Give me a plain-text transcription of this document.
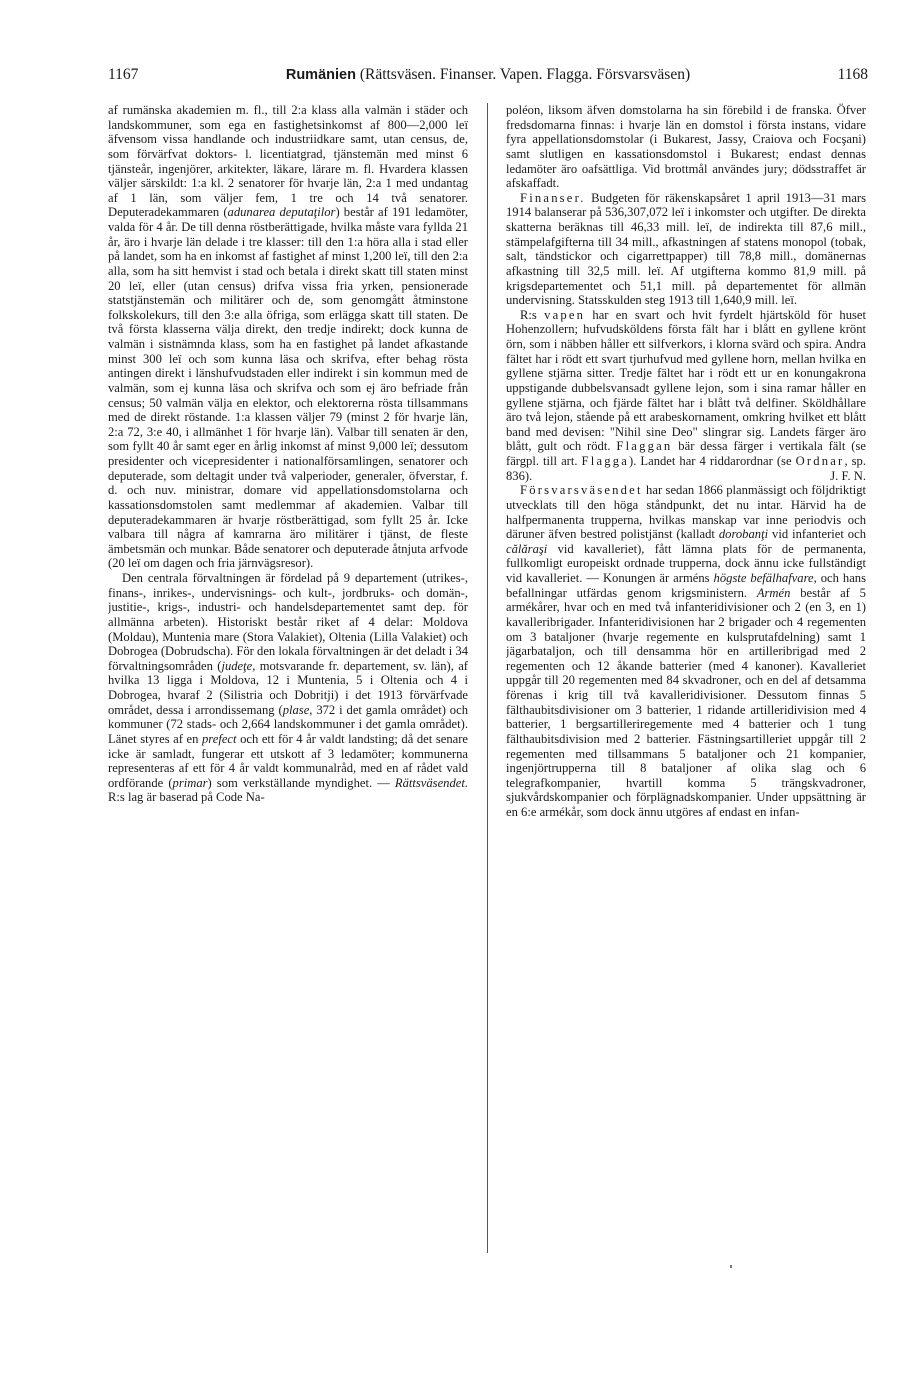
1167	Rumänien (Rättsväsen. Finanser. Vapen. Flagga. Försvarsväsen)	1168

af rumänska akademien m. fl., till 2:a klass alla valmän i städer och landskommuner, som ega en fastighetsinkomst af 800—2,000 leï äfvensom vissa handlande och industriidkare samt, utan census, de, som förvärfvat doktors- l. licentiatgrad, tjänstemän med minst 6 tjänsteår, ingenjörer, arkitekter, läkare, lärare m. fl. Hvardera klassen väljer särskildt: 1:a kl. 2 senatorer för hvarje län, 2:a 1 med undantag af 1 län, som väljer fem, 1 tre och 14 två senatorer. Deputeradekammaren (adunarea deputaţilor) består af 191 ledamöter, valda för 4 år. De till denna röstberättigade, hvilka måste vara fyllda 21 år, äro i hvarje län delade i tre klasser: till den 1:a höra alla i stad eller på landet, som ha en inkomst af fastighet af minst 1,200 leï, till den 2:a alla, som ha sitt hemvist i stad och betala i direkt skatt till staten minst 20 leï, eller (utan census) drifva vissa fria yrken, pensionerade statstjänstemän och militärer och de, som genomgått åtminstone folkskolekurs, till den 3:e alla öfriga, som erlägga skatt till staten. De två första klasserna välja direkt, den tredje indirekt; dock kunna de valmän i sistnämnda klass, som ha en fastighet på landet afkastande minst 300 leï och som kunna läsa och skrifva, efter behag rösta antingen direkt i länshufvudstaden eller indirekt i sin kommun med de valmän, som ej kunna läsa och skrifva och som ej äro befriade från census; 50 valmän välja en elektor, och elektorerna rösta tillsammans med de direkt röstande. 1:a klassen väljer 79 (minst 2 för hvarje län, 2:a 72, 3:e 40, i allmänhet 1 för hvarje län). Valbar till senaten är den, som fyllt 40 år samt eger en årlig inkomst af minst 9,000 leï; dessutom presidenter och vicepresidenter i nationalförsamlingen, senatorer och deputerade, som deltagit under två valperioder, generaler, öfverstar, f. d. och nuv. ministrar, domare vid appellationsdomstolarna och kassationsdomstolen samt medlemmar af akademien. Valbar till deputeradekammaren är hvarje röstberättigad, som fyllt 25 år. Icke valbara till några af kamrarna äro militärer i tjänst, de fleste ämbetsmän och munkar. Både senatorer och deputerade åtnjuta arfvode (20 leï om dagen och fria järnvägsresor).

Den centrala förvaltningen är fördelad på 9 departement (utrikes-, finans-, inrikes-, undervisnings- och kult-, jordbruks- och domän-, justitie-, krigs-, industri- och handelsdepartementet samt dep. för allmänna arbeten). Historiskt består riket af 4 delar: Moldova (Moldau), Muntenia mare (Stora Valakiet), Oltenia (Lilla Valakiet) och Dobrogea (Dobrudscha). För den lokala förvaltningen är det deladt i 34 förvaltningsområden (judeţe, motsvarande fr. departement, sv. län), af hvilka 13 ligga i Moldova, 12 i Muntenia, 5 i Oltenia och 4 i Dobrogea, hvaraf 2 (Silistria och Dobritji) i det 1913 förvärfvade området, dessa i arrondissemang (plase, 372 i det gamla området) och kommuner (72 stads- och 2,664 landskommuner i det gamla området). Länet styres af en prefect och ett för 4 år valdt landsting; då det senare icke är samladt, fungerar ett utskott af 3 ledamöter; kommunerna representeras af ett för 4 år valdt kommunalråd, med en af rådet vald ordförande (primar) som verkställande myndighet. — Rättsväsendet. R:s lag är baserad på Code Na-

poléon, liksom äfven domstolarna ha sin förebild i de franska. Öfver fredsdomarna finnas: i hvarje län en domstol i första instans, vidare fyra appellationsdomstolar (i Bukarest, Jassy, Craiova och Focşani) samt slutligen en kassationsdomstol i Bukarest; endast dennas ledamöter äro oafsättliga. Vid brottmål användes jury; dödsstraffet är afskaffadt.

Finanser. Budgeten för räkenskapsåret 1 april 1913—31 mars 1914 balanserar på 536,307,072 leï i inkomster och utgifter. De direkta skatterna beräknas till 46,33 mill. leï, de indirekta till 87,6 mill., stämpelafgifterna till 34 mill., afkastningen af statens monopol (tobak, salt, tändstickor och cigarrettpapper) till 78,8 mill., domänernas afkastning till 32,5 mill. leï. Af utgifterna kommo 81,9 mill. på krigsdepartementet och 51,1 mill. på departementet för allmän undervisning. Statsskulden steg 1913 till 1,640,9 mill. leï.

R:s vapen har en svart och hvit fyrdelt hjärtsköld för huset Hohenzollern; hufvudsköldens första fält har i blått en gyllene krönt örn, som i näbben håller ett silfverkors, i klorna svärd och spira. Andra fältet har i rödt ett svart tjurhufvud med gyllene horn, mellan hvilka en gyllene stjärna sitter. Tredje fältet har i rödt ett ur en konungakrona uppstigande dubbelsvansadt gyllene lejon, som i sina ramar håller en gyllene stjärna, och fjärde fältet har i blått två delfiner. Sköldhållare äro två lejon, stående på ett arabeskornament, omkring hvilket ett blått band med devisen: "Nihil sine Deo" slingrar sig. Landets färger äro blått, gult och rödt. Flaggan bär dessa färger i vertikala fält (se färgpl. till art. Flagga). Landet har 4 riddarordnar (se Ordnar, sp. 836).	J. F. N.

Försvarsväsendet har sedan 1866 planmässigt och följdriktigt utvecklats till den höga ståndpunkt, det nu intar. Härvid ha de halfpermanenta trupperna, hvilkas manskap var inne periodvis och däruner äfven bestred polistjänst (kalladt dorobanţi vid infanteriet och călăraşi vid kavalleriet), fått lämna plats för de permanenta, fullkomligt europeiskt ordnade trupperna, dock ännu icke fullständigt vid kavalleriet. — Konungen är arméns högste befälhafvare, och hans befallningar utfärdas genom krigsministern. Armén består af 5 armékårer, hvar och en med två infanteridivisioner och 2 (en 3, en 1) kavalleribrigader. Infanteridivisionen har 2 brigader och 4 regementen om 3 bataljoner (hvarje regemente en kulsprutafdelning) samt 1 jägarbataljon, och till densamma hör en artilleribrigad med 2 regementen och 12 åkande batterier (med 4 kanoner). Kavalleriet uppgår till 20 regementen med 84 skvadroner, och en del af detsamma förenas i krig till två kavalleridivisioner. Dessutom finnas 5 fälthaubitsdivisioner om 3 batterier, 1 ridande artilleridivision med 4 batterier, 1 bergsartilleriregemente med 4 batterier och 1 tung fälthaubitsdivision med 2 batterier. Fästningsartilleriet uppgår till 2 regementen med tillsammans 5 bataljoner och 21 kompanier, ingenjörtrupperna till 8 bataljoner af olika slag och 6 telegrafkompanier, hvartill komma 5 trängskvadroner, sjukvårdskompanier och förplägnadskompanier. Under uppsättning är en 6:e armékår, som dock ännu utgöres af endast en infan-
